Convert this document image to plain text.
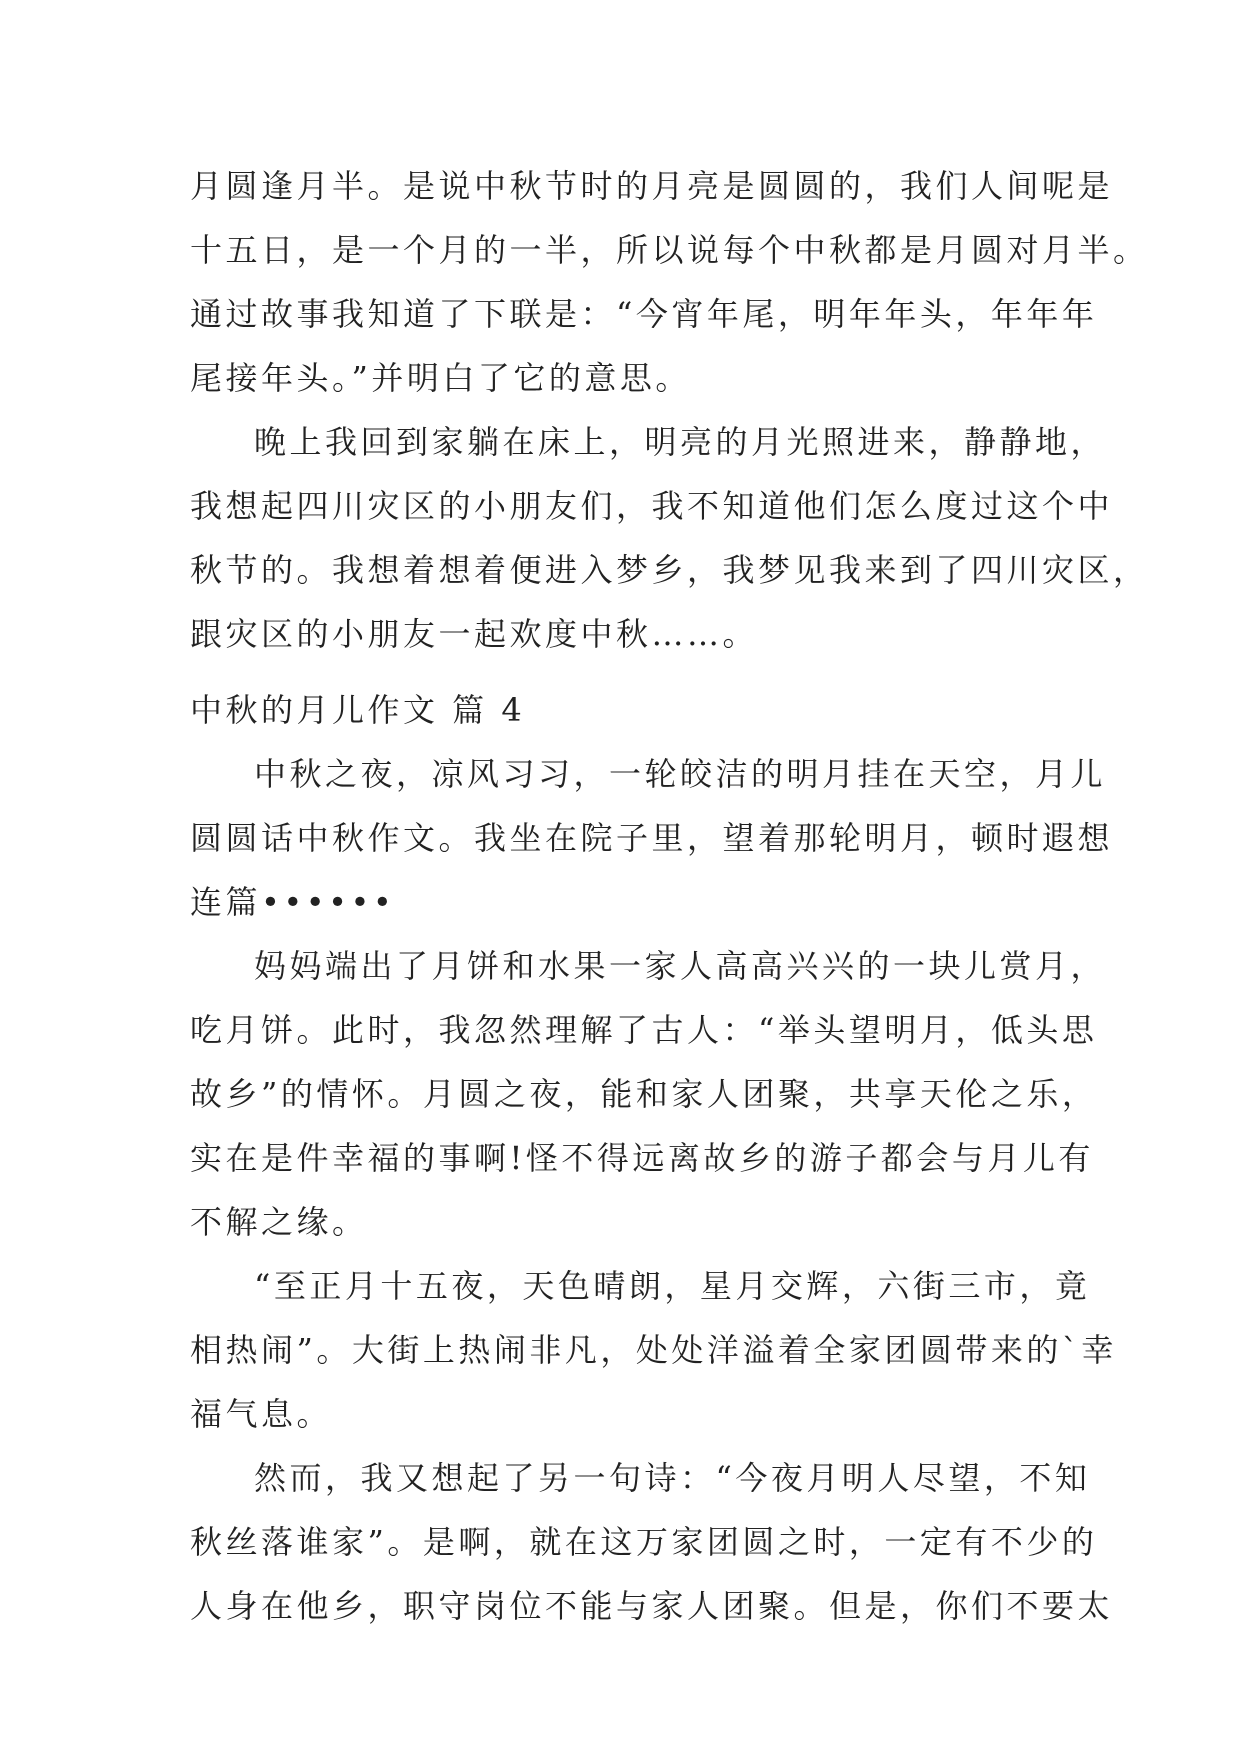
月圆逢月半。是说中秋节时的月亮是圆圆的，我们人间呢是
十五日，是一个月的一半，所以说每个中秋都是月圆对月半。
通过故事我知道了下联是：“今宵年尾，明年年头，年年年
尾接年头。”并明白了它的意思。
晚上我回到家躺在床上，明亮的月光照进来，静静地，
我想起四川灾区的小朋友们，我不知道他们怎么度过这个中
秋节的。我想着想着便进入梦乡，我梦见我来到了四川灾区，
跟灾区的小朋友一起欢度中秋……。
中秋的月儿作文 篇 4
中秋之夜，凉风习习，一轮皎洁的明月挂在天空，月儿
圆圆话中秋作文。我坐在院子里，望着那轮明月，顿时遐想
连篇••••••
妈妈端出了月饼和水果一家人高高兴兴的一块儿赏月，
吃月饼。此时，我忽然理解了古人：“举头望明月，低头思
故乡”的情怀。月圆之夜，能和家人团聚，共享天伦之乐，
实在是件幸福的事啊!怪不得远离故乡的游子都会与月儿有
不解之缘。
“至正月十五夜，天色晴朗，星月交辉，六街三市，竟
相热闹”。大街上热闹非凡，处处洋溢着全家团圆带来的`幸
福气息。
然而，我又想起了另一句诗：“今夜月明人尽望，不知
秋丝落谁家”。是啊，就在这万家团圆之时，一定有不少的
人身在他乡，职守岗位不能与家人团聚。但是，你们不要太
